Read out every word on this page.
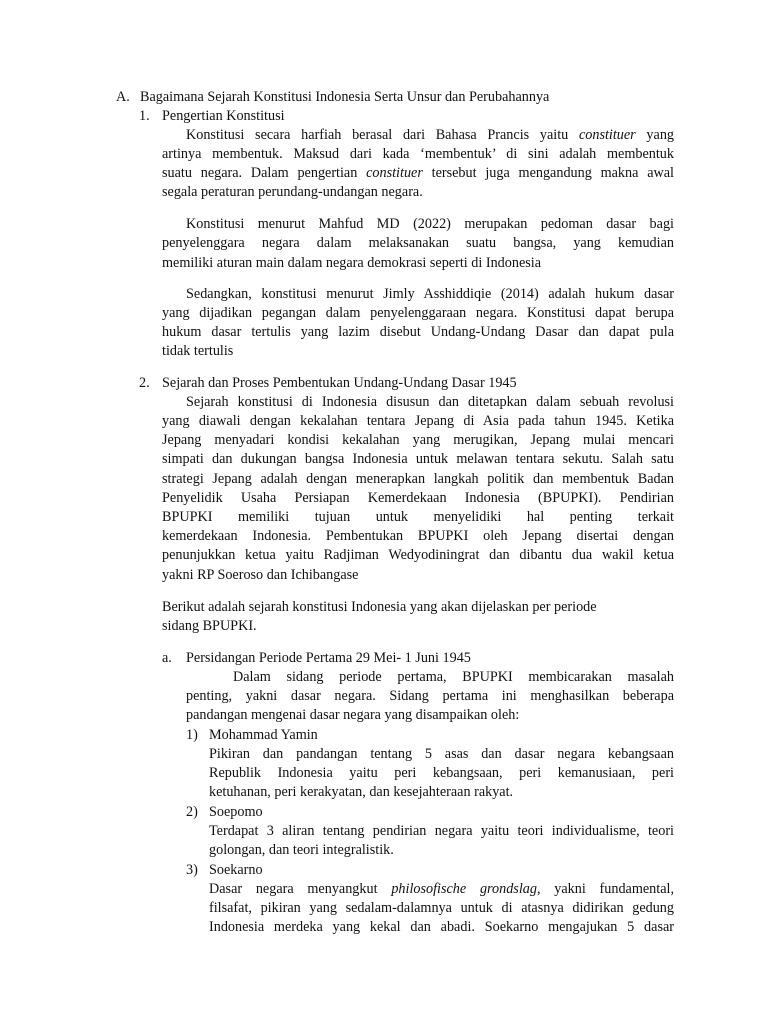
A. Bagaimana Sejarah Konstitusi Indonesia Serta Unsur dan Perubahannya
1. Pengertian Konstitusi
Konstitusi secara harfiah berasal dari Bahasa Prancis yaitu constituer yang
artinya membentuk. Maksud dari kada ‘membentuk’ di sini adalah membentuk
suatu negara. Dalam pengertian constituer tersebut juga mengandung makna awal
segala peraturan perundang-undangan negara.
Konstitusi menurut Mahfud MD (2022) merupakan pedoman dasar bagi
penyelenggara negara dalam melaksanakan suatu bangsa, yang kemudian
memiliki aturan main dalam negara demokrasi seperti di Indonesia
Sedangkan, konstitusi menurut Jimly Asshiddiqie (2014) adalah hukum dasar
yang dijadikan pegangan dalam penyelenggaraan negara. Konstitusi dapat berupa
hukum dasar tertulis yang lazim disebut Undang-Undang Dasar dan dapat pula
tidak tertulis
2. Sejarah dan Proses Pembentukan Undang-Undang Dasar 1945
Sejarah konstitusi di Indonesia disusun dan ditetapkan dalam sebuah revolusi
yang diawali dengan kekalahan tentara Jepang di Asia pada tahun 1945. Ketika
Jepang menyadari kondisi kekalahan yang merugikan, Jepang mulai mencari
simpati dan dukungan bangsa Indonesia untuk melawan tentara sekutu. Salah satu
strategi Jepang adalah dengan menerapkan langkah politik dan membentuk Badan
Penyelidik Usaha Persiapan Kemerdekaan Indonesia (BPUPKI). Pendirian
BPUPKI memiliki tujuan untuk menyelidiki hal penting terkait
kemerdekaan Indonesia. Pembentukan BPUPKI oleh Jepang disertai dengan
penunjukkan ketua yaitu Radjiman Wedyodiningrat dan dibantu dua wakil ketua
yakni RP Soeroso dan Ichibangase
Berikut adalah sejarah konstitusi Indonesia yang akan dijelaskan per periode
sidang BPUPKI.
a. Persidangan Periode Pertama 29 Mei- 1 Juni 1945
Dalam sidang periode pertama, BPUPKI membicarakan masalah
penting, yakni dasar negara. Sidang pertama ini menghasilkan beberapa
pandangan mengenai dasar negara yang disampaikan oleh:
1) Mohammad Yamin
Pikiran dan pandangan tentang 5 asas dan dasar negara kebangsaan
Republik Indonesia yaitu peri kebangsaan, peri kemanusiaan, peri
ketuhanan, peri kerakyatan, dan kesejahteraan rakyat.
2) Soepomo
Terdapat 3 aliran tentang pendirian negara yaitu teori individualisme, teori
golongan, dan teori integralistik.
3) Soekarno
Dasar negara menyangkut philosofische grondslag, yakni fundamental,
filsafat, pikiran yang sedalam-dalamnya untuk di atasnya didirikan gedung
Indonesia merdeka yang kekal dan abadi. Soekarno mengajukan 5 dasar
